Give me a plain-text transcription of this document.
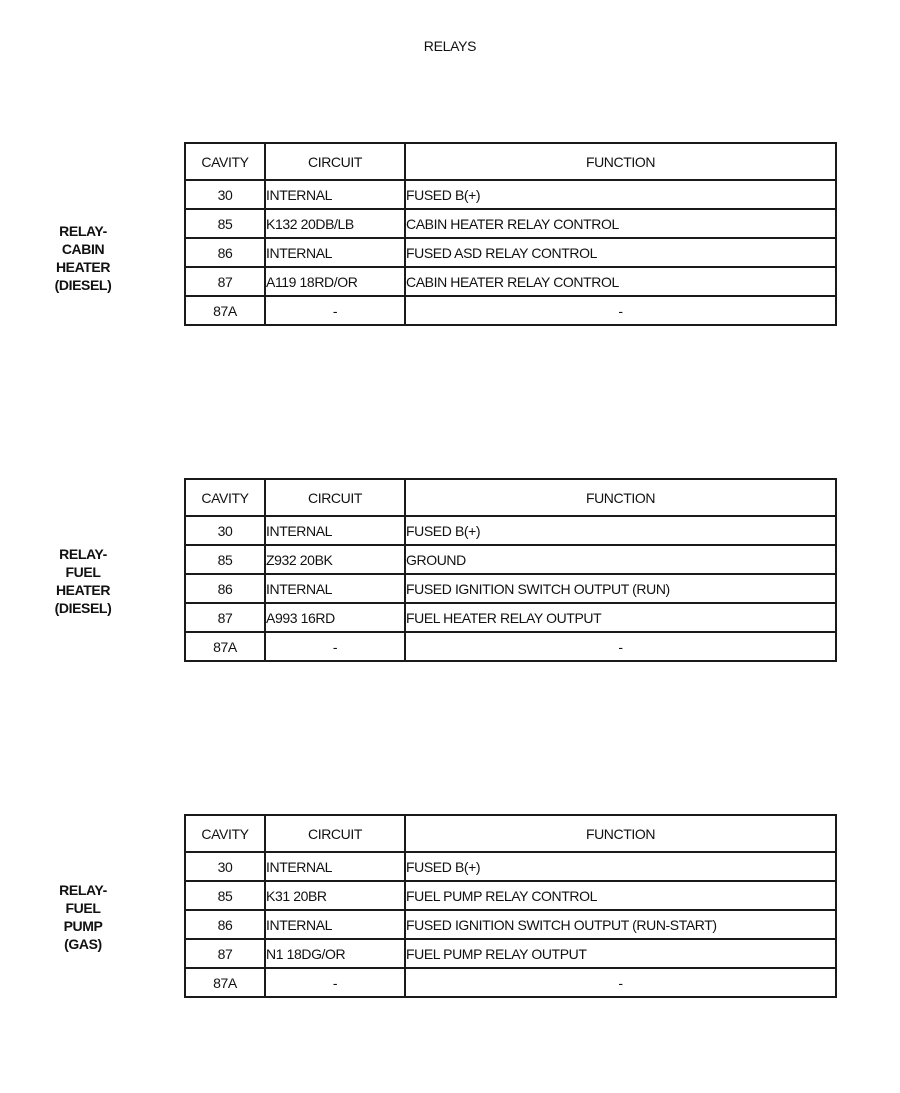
RELAYS
RELAY-
CABIN
HEATER
(DIESEL)
CAVITY	CIRCUIT	FUNCTION
30	INTERNAL	FUSED B(+)
85	K132 20DB/LB	CABIN HEATER RELAY CONTROL
86	INTERNAL	FUSED ASD RELAY CONTROL
87	A119 18RD/OR	CABIN HEATER RELAY CONTROL
87A	-	-
RELAY-
FUEL
HEATER
(DIESEL)
CAVITY	CIRCUIT	FUNCTION
30	INTERNAL	FUSED B(+)
85	Z932 20BK	GROUND
86	INTERNAL	FUSED IGNITION SWITCH OUTPUT (RUN)
87	A993 16RD	FUEL HEATER RELAY OUTPUT
87A	-	-
RELAY-
FUEL
PUMP
(GAS)
CAVITY	CIRCUIT	FUNCTION
30	INTERNAL	FUSED B(+)
85	K31 20BR	FUEL PUMP RELAY CONTROL
86	INTERNAL	FUSED IGNITION SWITCH OUTPUT (RUN-START)
87	N1 18DG/OR	FUEL PUMP RELAY OUTPUT
87A	-	-
